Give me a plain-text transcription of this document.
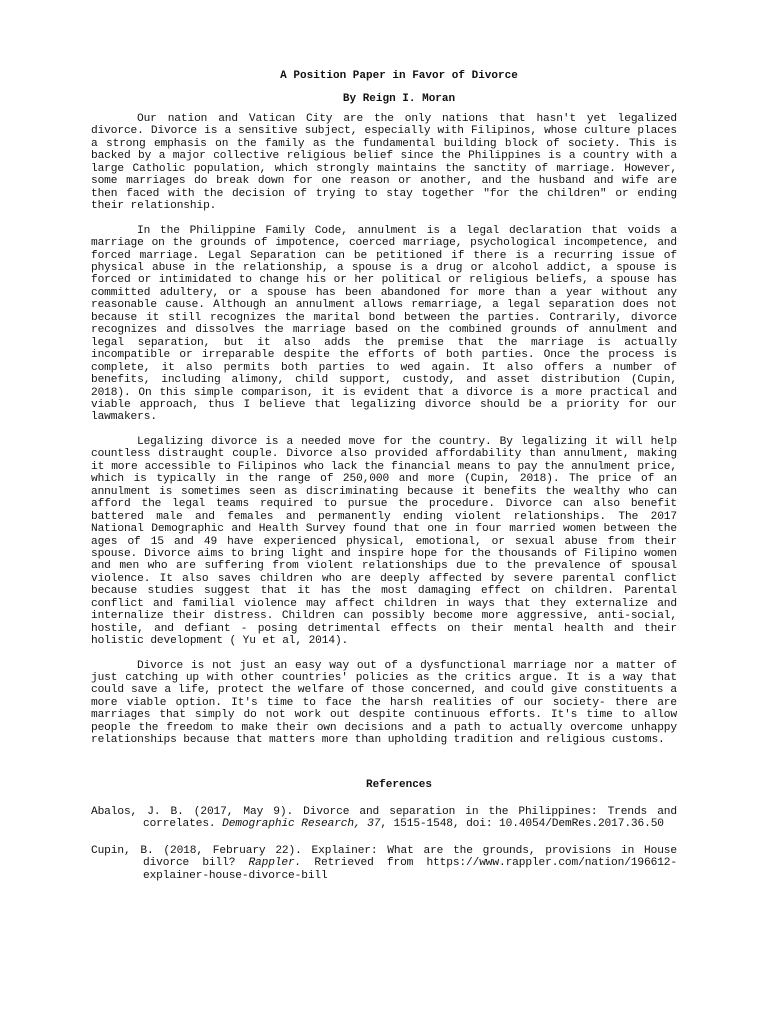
A Position Paper in Favor of Divorce

By Reign I. Moran

Our nation and Vatican City are the only nations that hasn't yet legalized divorce. Divorce is a sensitive subject, especially with Filipinos, whose culture places a strong emphasis on the family as the fundamental building block of society. This is backed by a major collective religious belief since the Philippines is a country with a large Catholic population, which strongly maintains the sanctity of marriage. However, some marriages do break down for one reason or another, and the husband and wife are then faced with the decision of trying to stay together "for the children" or ending their relationship.

In the Philippine Family Code, annulment is a legal declaration that voids a marriage on the grounds of impotence, coerced marriage, psychological incompetence, and forced marriage. Legal Separation can be petitioned if there is a recurring issue of physical abuse in the relationship, a spouse is a drug or alcohol addict, a spouse is forced or intimidated to change his or her political or religious beliefs, a spouse has committed adultery, or a spouse has been abandoned for more than a year without any reasonable cause. Although an annulment allows remarriage, a legal separation does not because it still recognizes the marital bond between the parties. Contrarily, divorce recognizes and dissolves the marriage based on the combined grounds of annulment and legal separation, but it also adds the premise that the marriage is actually incompatible or irreparable despite the efforts of both parties. Once the process is complete, it also permits both parties to wed again. It also offers a number of benefits, including alimony, child support, custody, and asset distribution (Cupin, 2018). On this simple comparison, it is evident that a divorce is a more practical and viable approach, thus I believe that legalizing divorce should be a priority for our lawmakers.

Legalizing divorce is a needed move for the country. By legalizing it will help countless distraught couple. Divorce also provided affordability than annulment, making it more accessible to Filipinos who lack the financial means to pay the annulment price, which is typically in the range of 250,000 and more (Cupin, 2018). The price of an annulment is sometimes seen as discriminating because it benefits the wealthy who can afford the legal teams required to pursue the procedure. Divorce can also benefit battered male and females and permanently ending violent relationships. The 2017 National Demographic and Health Survey found that one in four married women between the ages of 15 and 49 have experienced physical, emotional, or sexual abuse from their spouse. Divorce aims to bring light and inspire hope for the thousands of Filipino women and men who are suffering from violent relationships due to the prevalence of spousal violence. It also saves children who are deeply affected by severe parental conflict because studies suggest that it has the most damaging effect on children. Parental conflict and familial violence may affect children in ways that they externalize and internalize their distress. Children can possibly become more aggressive, anti-social, hostile, and defiant - posing detrimental effects on their mental health and their holistic development ( Yu et al, 2014).

Divorce is not just an easy way out of a dysfunctional marriage nor a matter of just catching up with other countries' policies as the critics argue. It is a way that could save a life, protect the welfare of those concerned, and could give constituents a more viable option. It's time to face the harsh realities of our society- there are marriages that simply do not work out despite continuous efforts. It's time to allow people the freedom to make their own decisions and a path to actually overcome unhappy relationships because that matters more than upholding tradition and religious customs.

References

Abalos, J. B. (2017, May 9). Divorce and separation in the Philippines: Trends and correlates. Demographic Research, 37, 1515-1548, doi: 10.4054/DemRes.2017.36.50

Cupin, B. (2018, February 22). Explainer: What are the grounds, provisions in House divorce bill? Rappler. Retrieved from https://www.rappler.com/nation/196612-explainer-house-divorce-bill
